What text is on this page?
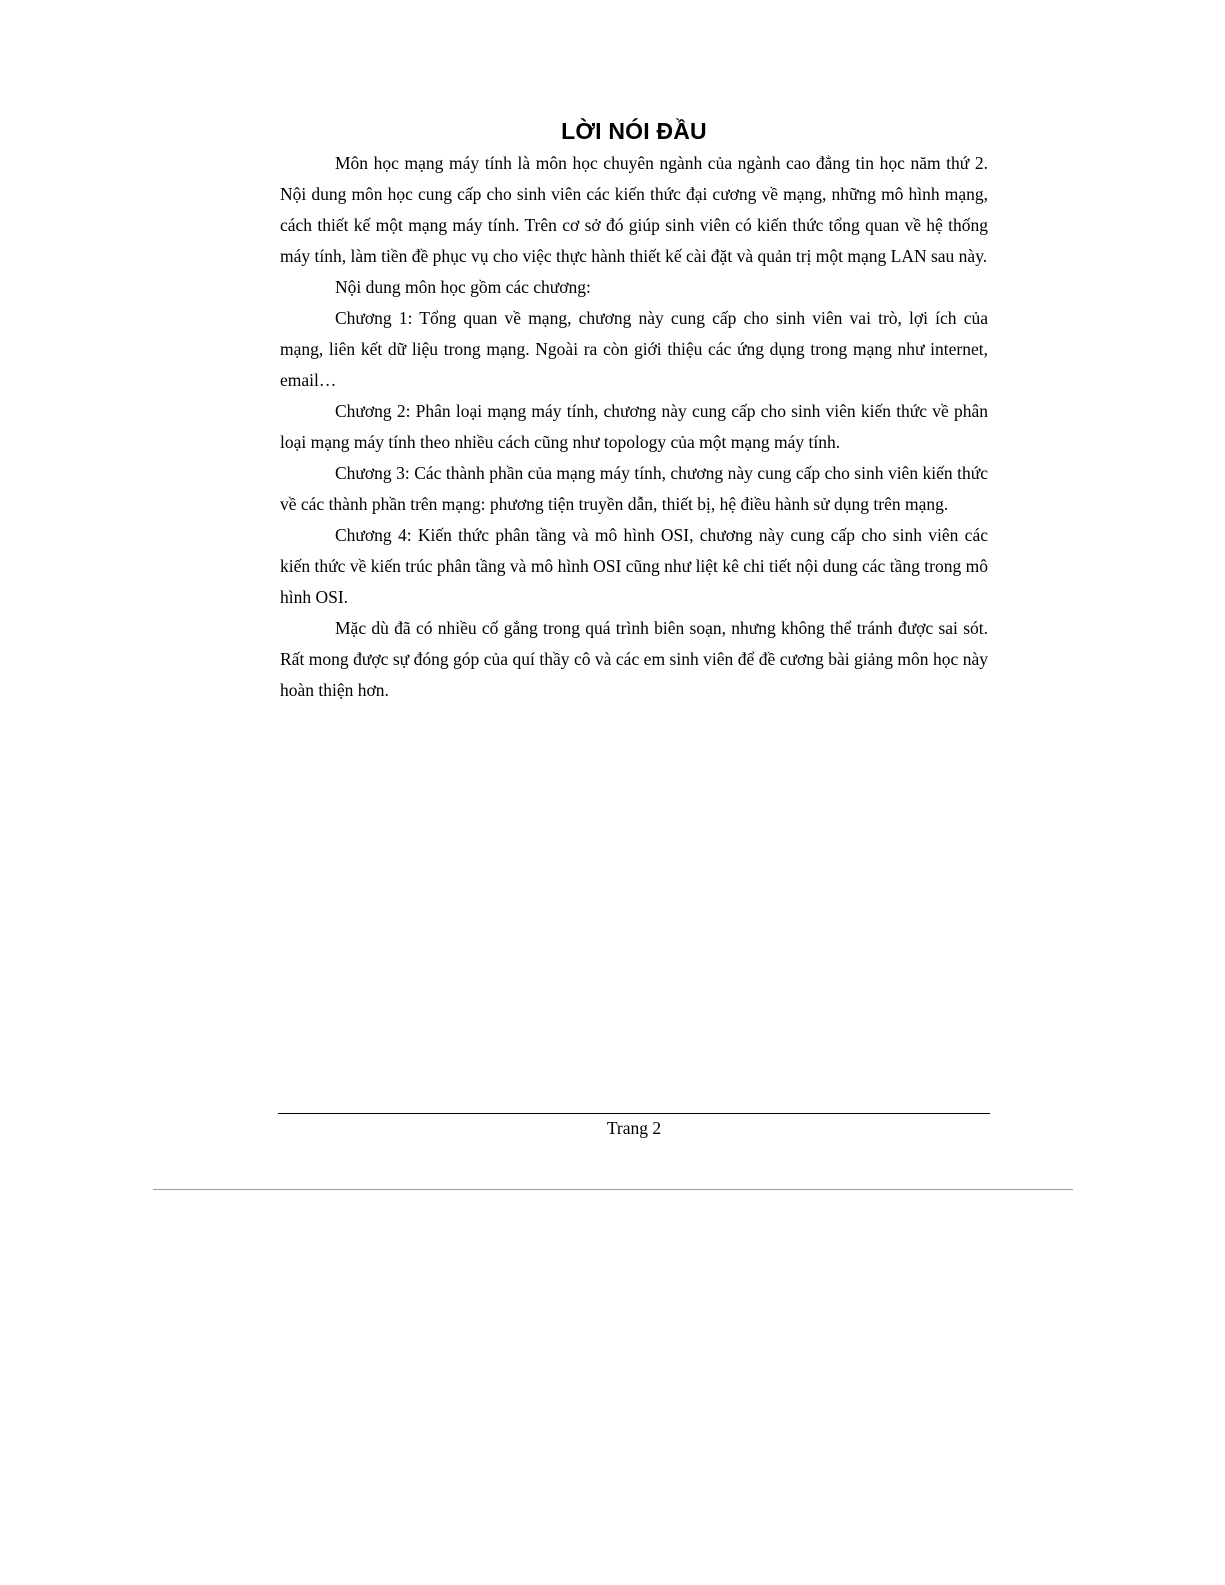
LỜI NÓI ĐẦU

Môn học mạng máy tính là môn học chuyên ngành của ngành cao đẳng tin học năm thứ 2. Nội dung môn học cung cấp cho sinh viên các kiến thức đại cương về mạng, những mô hình mạng, cách thiết kế một mạng máy tính. Trên cơ sở đó giúp sinh viên có kiến thức tổng quan về hệ thống máy tính, làm tiền đề phục vụ cho việc thực hành thiết kế cài đặt và quản trị một mạng LAN sau này.

Nội dung môn học gồm các chương:

Chương 1: Tổng quan về mạng, chương này cung cấp cho sinh viên vai trò, lợi ích của mạng, liên kết dữ liệu trong mạng. Ngoài ra còn giới thiệu các ứng dụng trong mạng như internet, email…

Chương 2: Phân loại mạng máy tính, chương này cung cấp cho sinh viên kiến thức về phân loại mạng máy tính theo nhiều cách cũng như topology của một mạng máy tính.

Chương 3: Các thành phần của mạng máy tính, chương này cung cấp cho sinh viên kiến thức về các thành phần trên mạng: phương tiện truyền dẫn, thiết bị, hệ điều hành sử dụng trên mạng.

Chương 4: Kiến thức phân tầng và mô hình OSI, chương này cung cấp cho sinh viên các kiến thức về kiến trúc phân tầng và mô hình OSI cũng như liệt kê chi tiết nội dung các tầng trong mô hình OSI.

Mặc dù đã có nhiều cố gắng trong quá trình biên soạn, nhưng không thể tránh được sai sót. Rất mong được sự đóng góp của quí thầy cô và các em sinh viên để đề cương bài giảng môn học này hoàn thiện hơn.

Trang 2
